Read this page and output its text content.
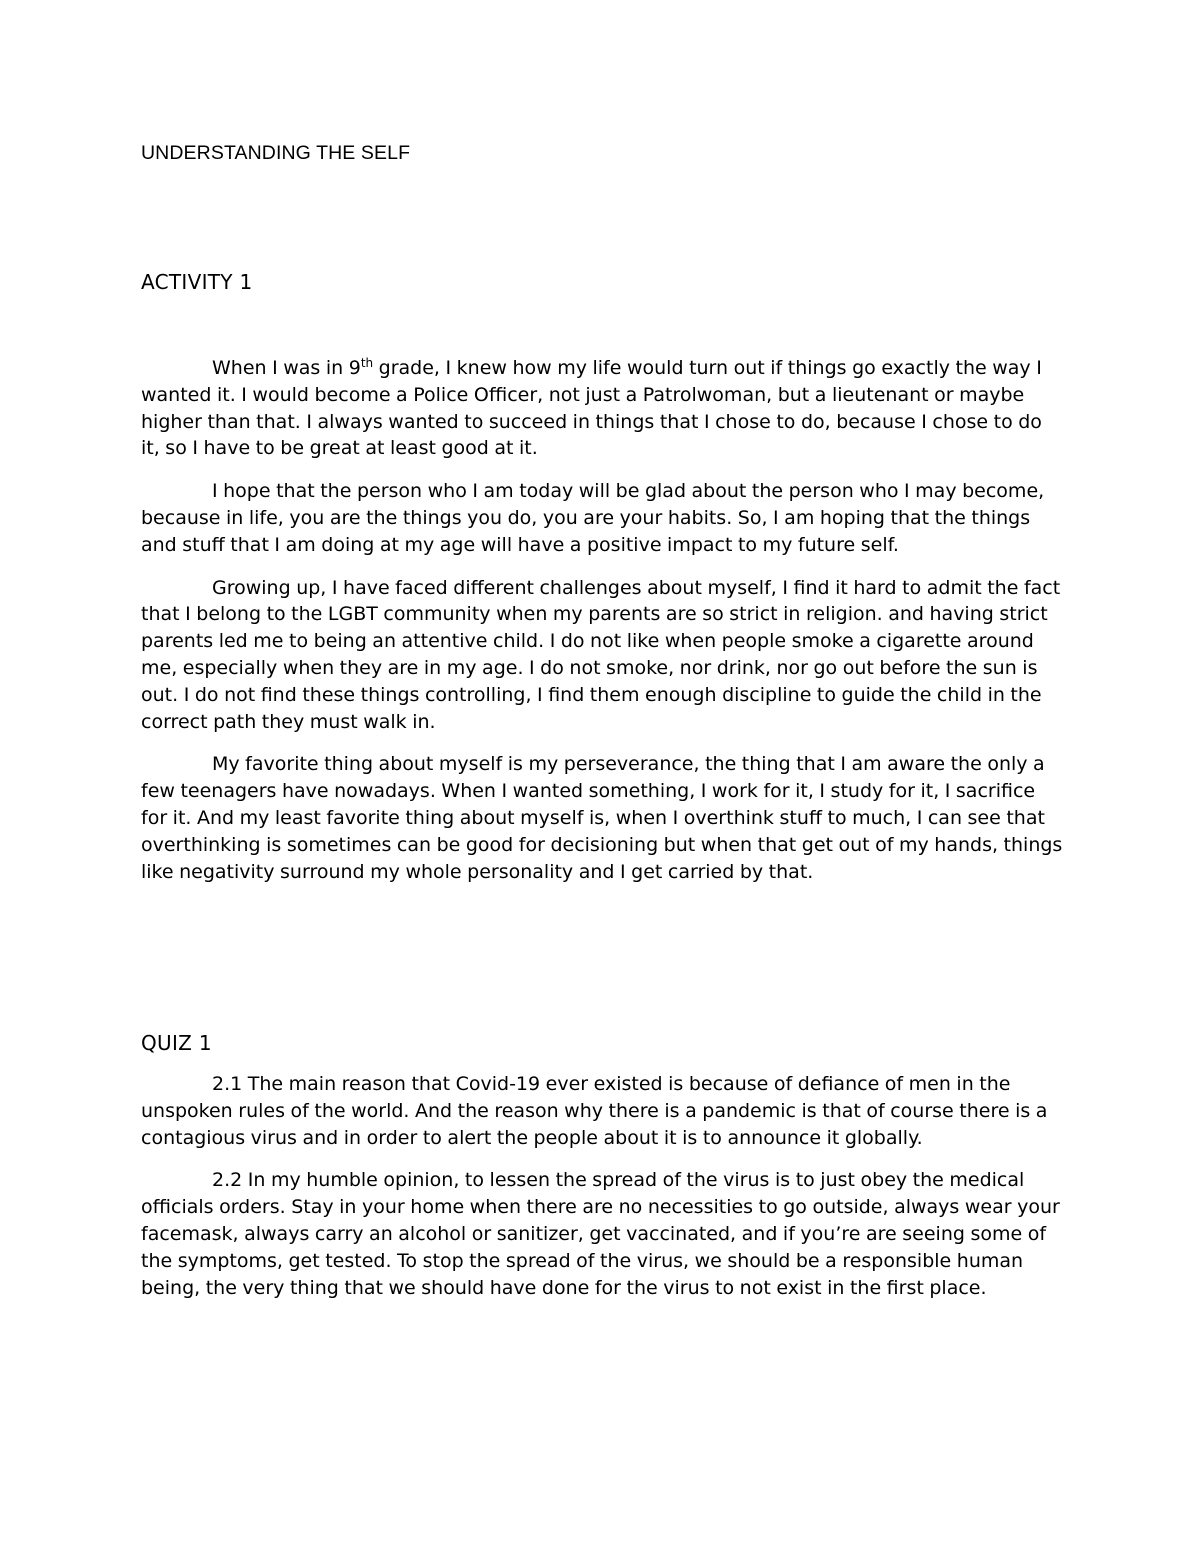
UNDERSTANDING THE SELF
ACTIVITY 1

When I was in 9th grade, I knew how my life would turn out if things go exactly the way I wanted it. I would become a Police Officer, not just a Patrolwoman, but a lieutenant or maybe higher than that. I always wanted to succeed in things that I chose to do, because I chose to do it, so I have to be great at least good at it.

I hope that the person who I am today will be glad about the person who I may become, because in life, you are the things you do, you are your habits. So, I am hoping that the things and stuff that I am doing at my age will have a positive impact to my future self.

Growing up, I have faced different challenges about myself, I find it hard to admit the fact that I belong to the LGBT community when my parents are so strict in religion. and having strict parents led me to being an attentive child. I do not like when people smoke a cigarette around me, especially when they are in my age. I do not smoke, nor drink, nor go out before the sun is out. I do not find these things controlling, I find them enough discipline to guide the child in the correct path they must walk in.

My favorite thing about myself is my perseverance, the thing that I am aware the only a few teenagers have nowadays. When I wanted something, I work for it, I study for it, I sacrifice for it. And my least favorite thing about myself is, when I overthink stuff to much, I can see that overthinking is sometimes can be good for decisioning but when that get out of my hands, things like negativity surround my whole personality and I get carried by that.

QUIZ 1

2.1 The main reason that Covid-19 ever existed is because of defiance of men in the unspoken rules of the world. And the reason why there is a pandemic is that of course there is a contagious virus and in order to alert the people about it is to announce it globally.

2.2 In my humble opinion, to lessen the spread of the virus is to just obey the medical officials orders. Stay in your home when there are no necessities to go outside, always wear your facemask, always carry an alcohol or sanitizer, get vaccinated, and if you’re are seeing some of the symptoms, get tested. To stop the spread of the virus, we should be a responsible human being, the very thing that we should have done for the virus to not exist in the first place.
